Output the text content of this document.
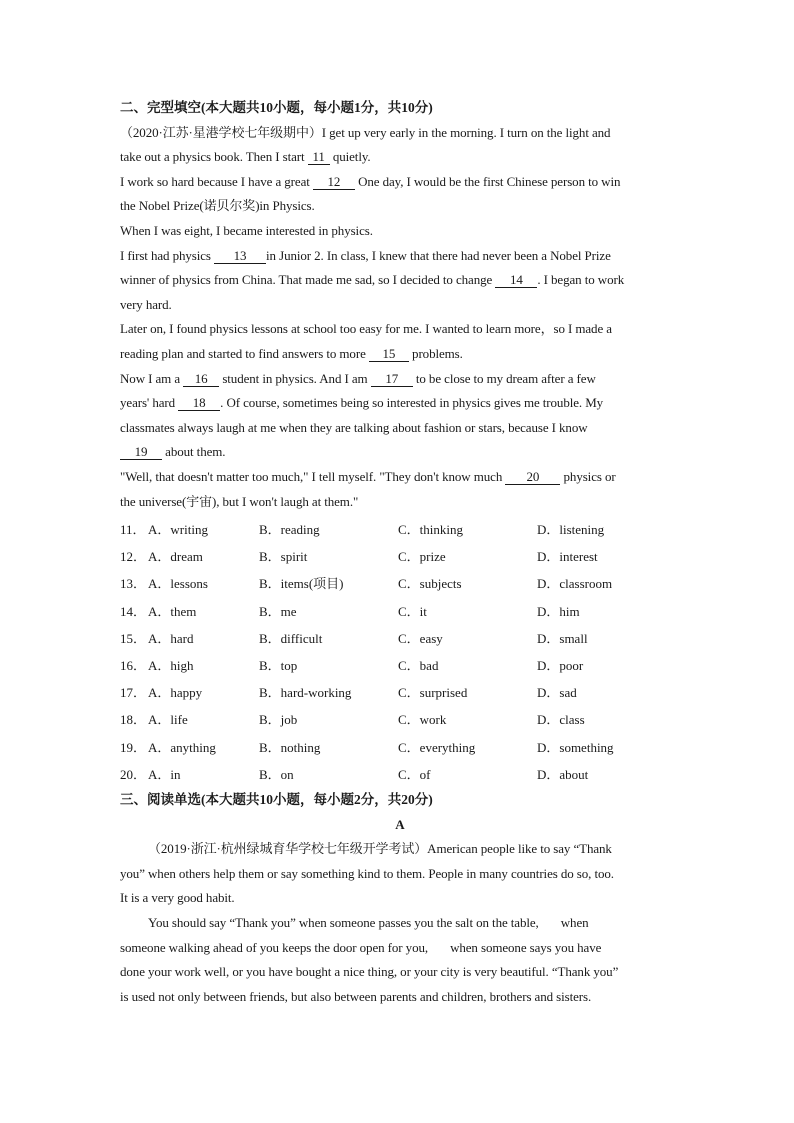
二、完型填空(本大题共10小题，每小题1分，共10分)
（2020·江苏·星港学校七年级期中）I get up very early in the morning. I turn on the light and
take out a physics book. Then I start 11 quietly.
I work so hard because I have a great 12 One day, I would be the first Chinese person to win
the Nobel Prize(诺贝尔奖)in Physics.
When I was eight, I became interested in physics.
I first had physics 13 in Junior 2. In class, I knew that there had never been a Nobel Prize
winner of physics from China. That made me sad, so I decided to change 14 . I began to work
very hard.
Later on, I found physics lessons at school too easy for me. I wanted to learn more，so I made a
reading plan and started to find answers to more 15 problems.
Now I am a 16 student in physics. And I am 17 to be close to my dream after a few
years' hard 18 . Of course, sometimes being so interested in physics gives me trouble. My
classmates always laugh at me when they are talking about fashion or stars, because I know
19 about them.
"Well, that doesn't matter too much," I tell myself. "They don't know much 20 physics or
the universe(宇宙), but I won't laugh at them."
11． A．writing	B．reading	C．thinking	D．listening
12． A．dream	B．spirit	C．prize	D．interest
13． A．lessons	B．items(项目)	C．subjects	D．classroom
14． A．them	B．me	C．it	D．him
15． A．hard	B．difficult	C．easy	D．small
16． A．high	B．top	C．bad	D．poor
17． A．happy	B．hard-working	C．surprised	D．sad
18． A．life	B．job	C．work	D．class
19． A．anything	B．nothing	C．everything	D．something
20． A．in	B．on	C．of	D．about
三、阅读单选(本大题共10小题，每小题2分，共20分)
A
（2019·浙江·杭州绿城育华学校七年级开学考试）American people like to say “Thank
you” when others help them or say something kind to them. People in many countries do so, too.
It is a very good habit.
You should say “Thank you” when someone passes you the salt on the table,       when
someone walking ahead of you keeps the door open for you,       when someone says you have
done your work well, or you have bought a nice thing, or your city is very beautiful. “Thank you”
is used not only between friends, but also between parents and children, brothers and sisters.
